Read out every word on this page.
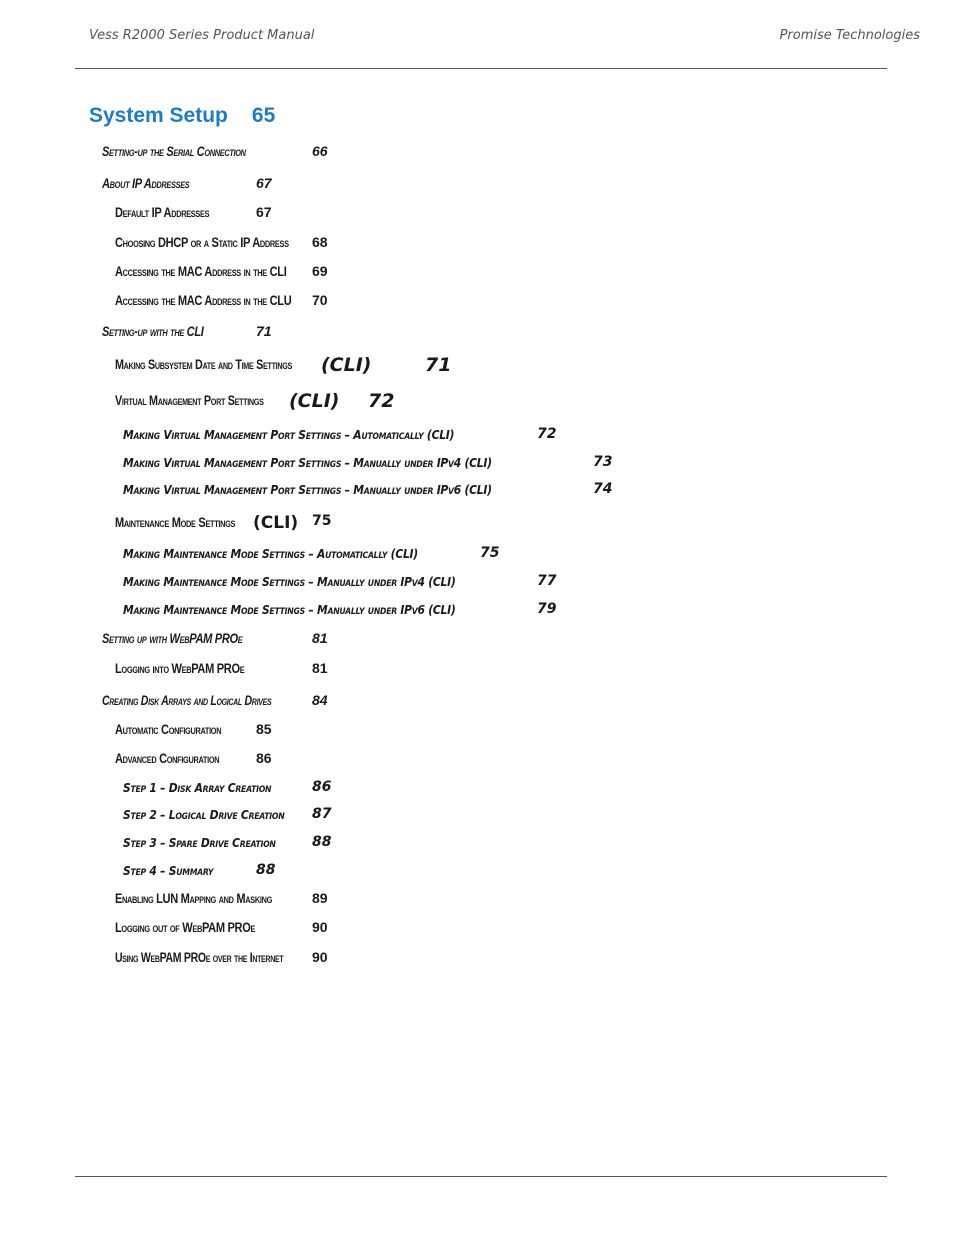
Vess R2000 Series Product Manual	Promise Technologies
System Setup 65
Setting-up the Serial Connection	66
About IP Addresses	67
Default IP Addresses	67
Choosing DHCP or a Static IP Address 68
Accessing the MAC Address in the CLI 69
Accessing the MAC Address in the CLU 70
Setting-up with the CLI	71
Making Subsystem Date and Time Settings (CLI)	71
Virtual Management Port Settings (CLI) 72
Making Virtual Management Port Settings – Automatically (CLI)	72
Making Virtual Management Port Settings – Manually under IPv4 (CLI)	73
Making Virtual Management Port Settings – Manually under IPv6 (CLI)	74
Maintenance Mode Settings (CLI) 75
Making Maintenance Mode Settings – Automatically (CLI)	75
Making Maintenance Mode Settings – Manually under IPv4 (CLI)	77
Making Maintenance Mode Settings – Manually under IPv6 (CLI)	79
Setting up with WebPAM PROe	81
Logging into WebPAM PROe	81
Creating Disk Arrays and Logical Drives	84
Automatic Configuration 85
Advanced Configuration	86
Step 1 – Disk Array Creation	86
Step 2 – Logical Drive Creation 87
Step 3 – Spare Drive Creation	88
Step 4 – Summary	88
Enabling LUN Mapping and Masking	89
Logging out of WebPAM PROe	90
Using WebPAM PROe over the Internet 90
